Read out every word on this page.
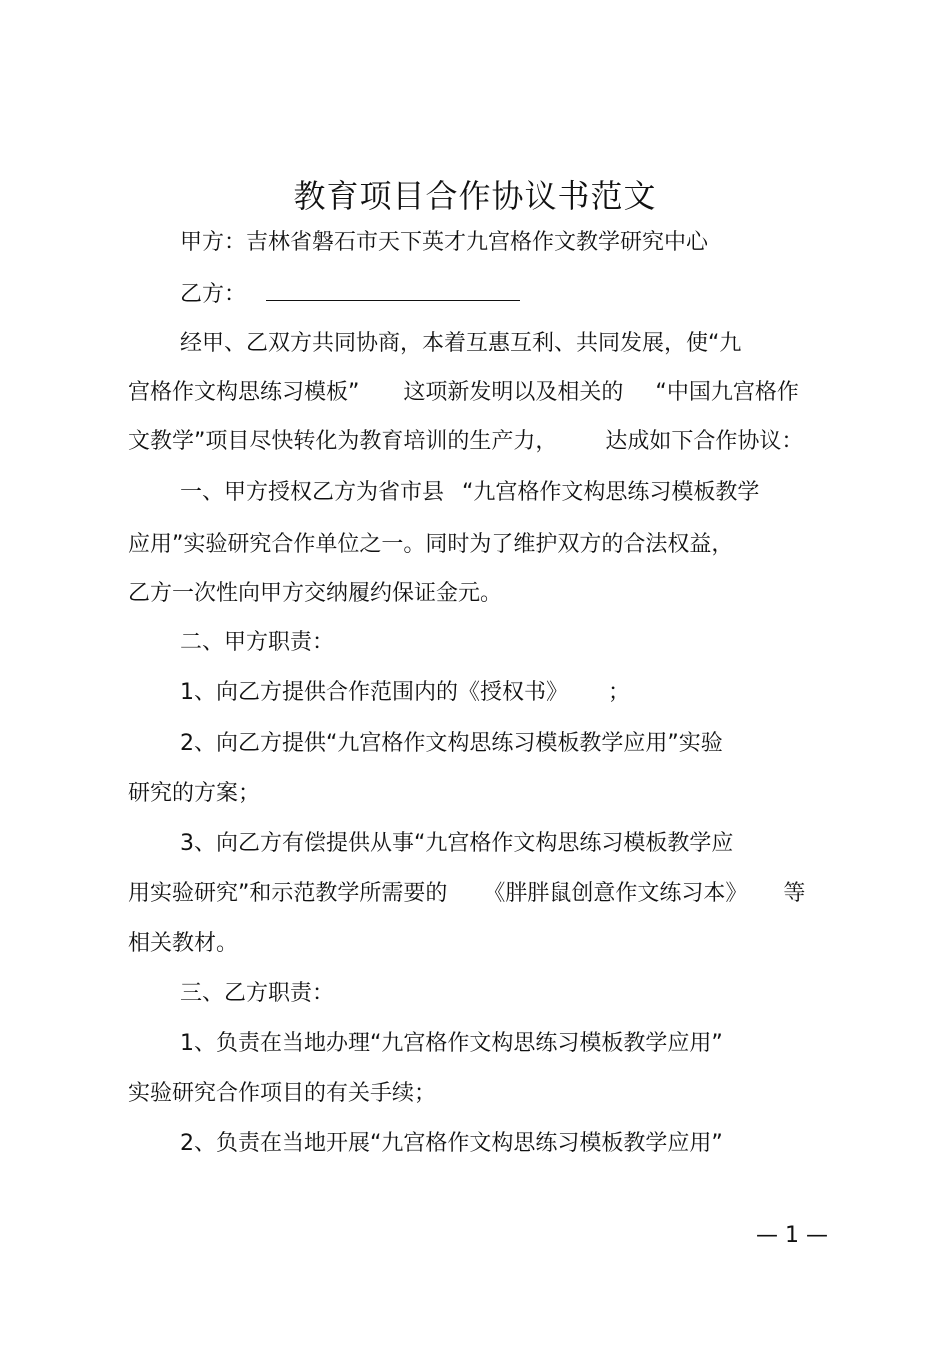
教育项目合作协议书范文
甲方：吉林省磐石市天下英才九宫格作文教学研究中心
乙方：
经甲、乙双方共同协商，本着互惠互利、共同发展，使“九
宫格作文构思练习模板” 这项新发明以及相关的 “中国九宫格作
文教学”项目尽快转化为教育培训的生产力， 达成如下合作协议：
一、甲方授权乙方为省市县 “九宫格作文构思练习模板教学
应用”实验研究合作单位之一。同时为了维护双方的合法权益，
乙方一次性向甲方交纳履约保证金元。
二、甲方职责：
1、向乙方提供合作范围内的《授权书》 ；
2、向乙方提供“九宫格作文构思练习模板教学应用”实验
研究的方案；
3、向乙方有偿提供从事“九宫格作文构思练习模板教学应
用实验研究”和示范教学所需要的 《胖胖鼠创意作文练习本》 等
相关教材。
三、乙方职责：
1、负责在当地办理“九宫格作文构思练习模板教学应用”
实验研究合作项目的有关手续；
2、负责在当地开展“九宫格作文构思练习模板教学应用”
— 1 —
